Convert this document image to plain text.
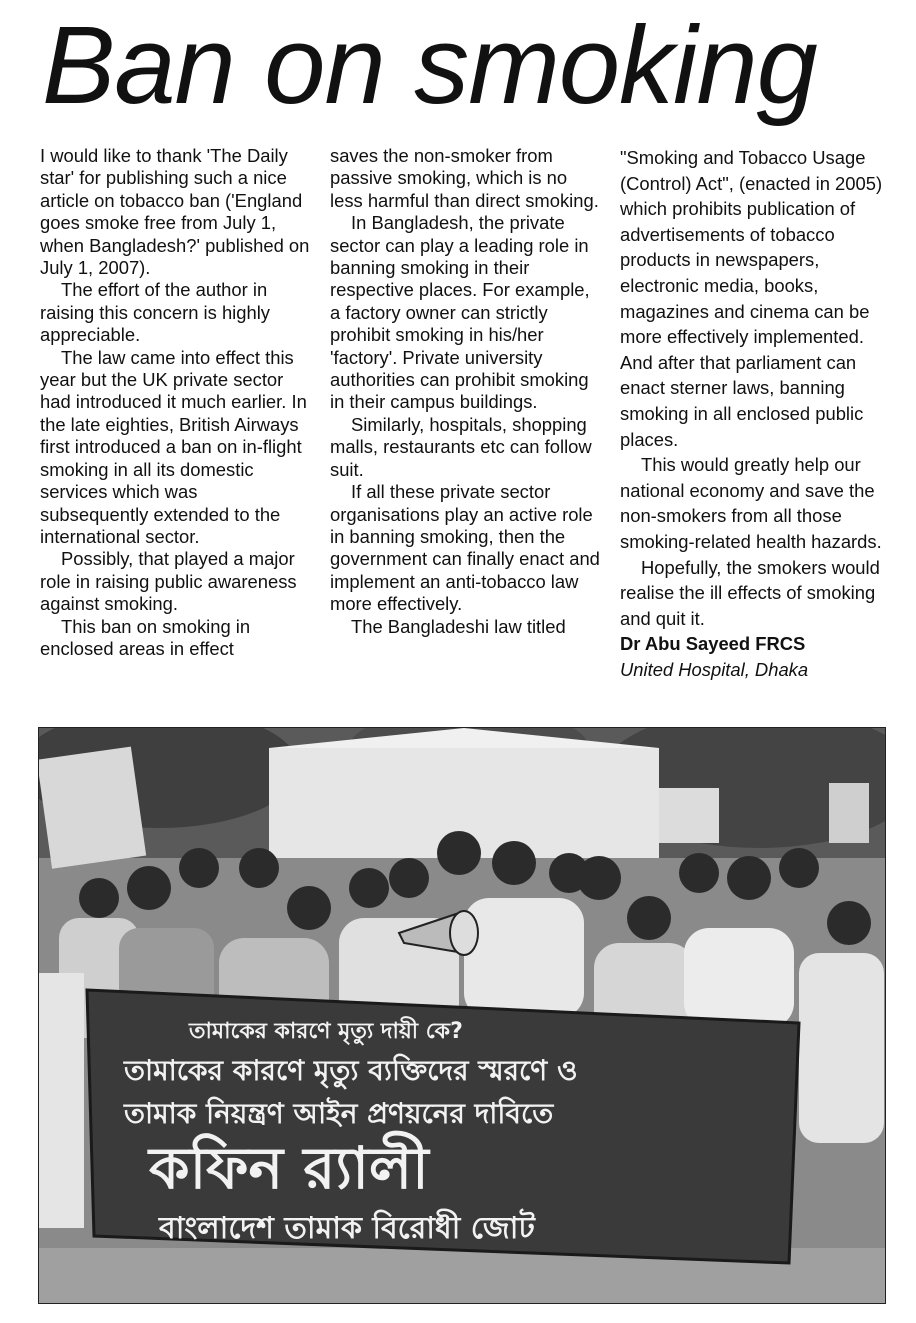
Ban on smoking

I would like to thank 'The Daily star' for publishing such a nice article on tobacco ban ('England goes smoke free from July 1, when Bangladesh?' published on July 1, 2007).

The effort of the author in raising this concern is highly appreciable.

The law came into effect this year but the UK private sector had introduced it much earlier. In the late eighties, British Airways first introduced a ban on in-flight smoking in all its domestic services which was subsequently extended to the international sector.

Possibly, that played a major role in raising public awareness against smoking.

This ban on smoking in enclosed areas in effect

saves the non-smoker from passive smoking, which is no less harmful than direct smoking.

In Bangladesh, the private sector can play a leading role in banning smoking in their respective places. For example, a factory owner can strictly prohibit smoking in his/her 'factory'. Private university authorities can prohibit smoking in their campus buildings.

Similarly, hospitals, shopping malls, restaurants etc can follow suit.

If all these private sector organisations play an active role in banning smoking, then the government can finally enact and implement an anti-tobacco law more effectively.

The Bangladeshi law titled

"Smoking and Tobacco Usage (Control) Act", (enacted in 2005) which prohibits publication of advertisements of tobacco products in newspapers, electronic media, books, magazines and cinema can be more effectively implemented. And after that parliament can enact sterner laws, banning smoking in all enclosed public places.

This would greatly help our national economy and save the non-smokers from all those smoking-related health hazards.

Hopefully, the smokers would realise the ill effects of smoking and quit it.

Dr Abu Sayeed FRCS

United Hospital, Dhaka

তামাকের কারণে মৃত্যু দায়ী কে?
তামাকের কারণে মৃত্যু ব্যক্তিদের স্মরণে ও
তামাক নিয়ন্ত্রণ আইন প্রণয়নের দাবিতে
কফিন র‍্যালী
বাংলাদেশ তামাক বিরোধী জোট
